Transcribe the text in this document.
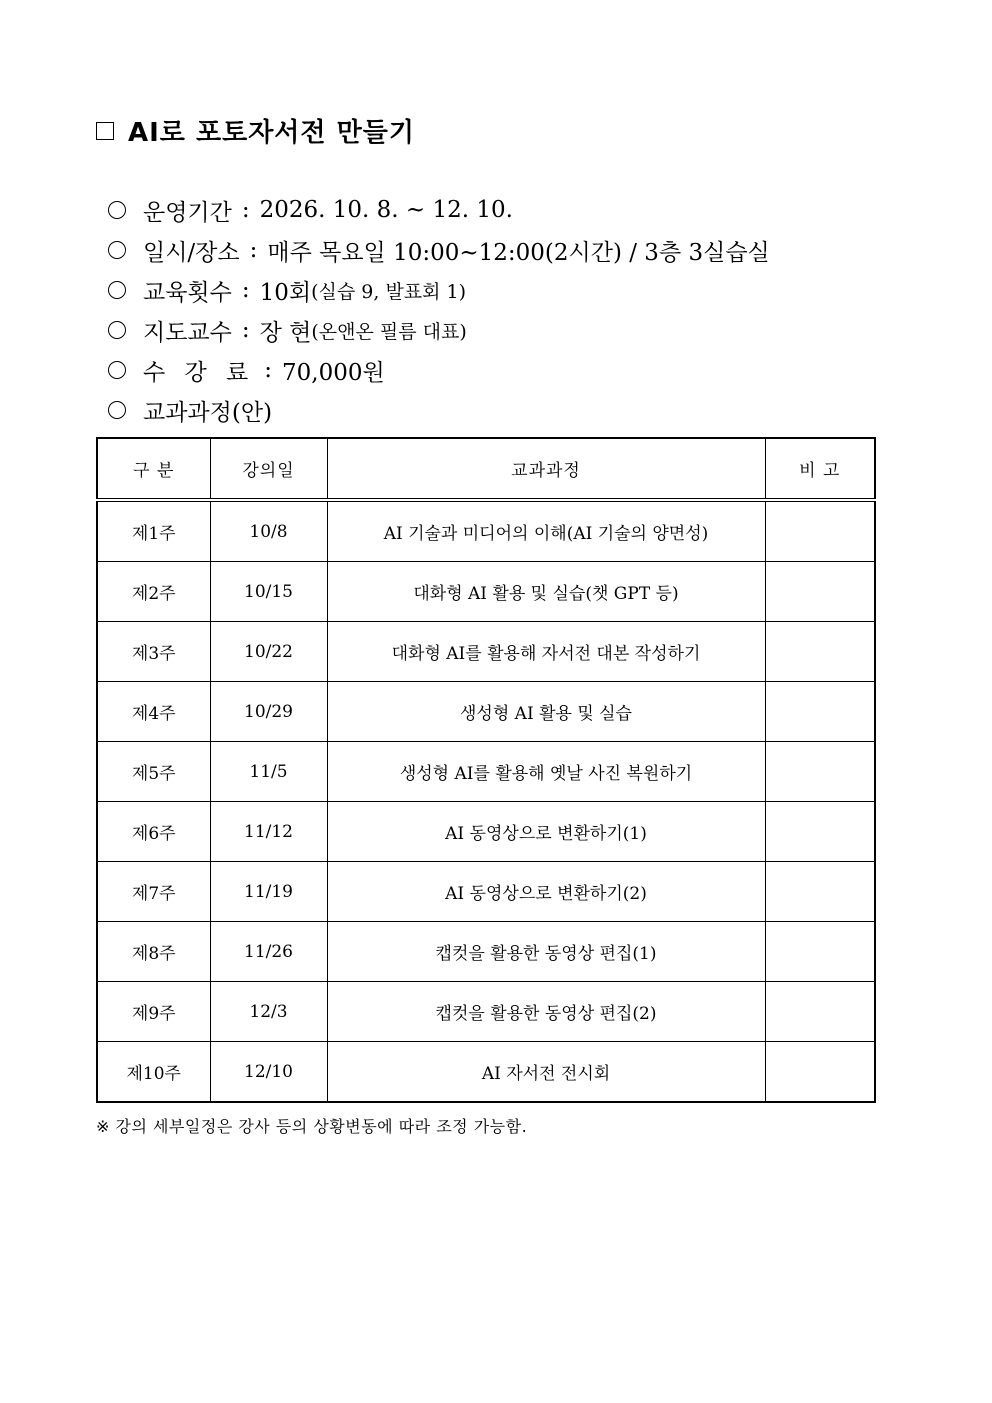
AI로 포토자서전 만들기
운영기간 : 2026. 10. 8. ~ 12. 10.
일시/장소 : 매주 목요일 10:00~12:00(2시간) / 3층 3실습실
교육횟수 : 10회 (실습 9, 발표회 1)
지도교수 : 장 현 (온앤온 필름 대표)
수 강 료 : 70,000원
교과과정(안)
구 분	강의일	교과과정	비 고
제1주	10/8	AI 기술과 미디어의 이해(AI 기술의 양면성)	
제2주	10/15	대화형 AI 활용 및 실습(챗 GPT 등)	
제3주	10/22	대화형 AI를 활용해 자서전 대본 작성하기	
제4주	10/29	생성형 AI 활용 및 실습	
제5주	11/5	생성형 AI를 활용해 옛날 사진 복원하기	
제6주	11/12	AI 동영상으로 변환하기(1)	
제7주	11/19	AI 동영상으로 변환하기(2)	
제8주	11/26	캡컷을 활용한 동영상 편집(1)	
제9주	12/3	캡컷을 활용한 동영상 편집(2)	
제10주	12/10	AI 자서전 전시회	
※ 강의 세부일정은 강사 등의 상황변동에 따라 조정 가능함.
